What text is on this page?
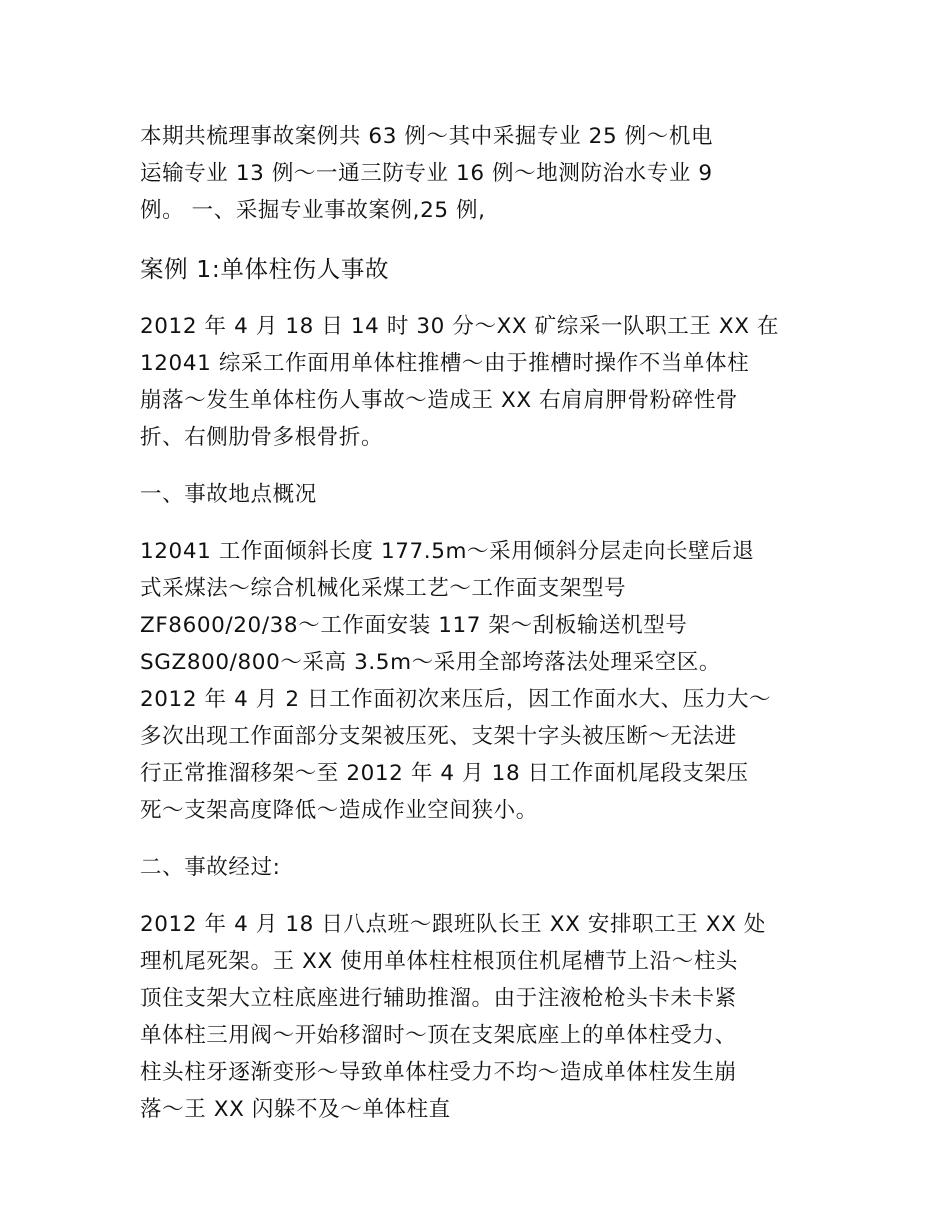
本期共梳理事故案例共 63 例～其中采掘专业 25 例～机电
运输专业 13 例～一通三防专业 16 例～地测防治水专业 9
例。 一、采掘专业事故案例,25 例,
案例 1:单体柱伤人事故
2012 年 4 月 18 日 14 时 30 分～XX 矿综采一队职工王 XX 在
12041 综采工作面用单体柱推槽～由于推槽时操作不当单体柱
崩落～发生单体柱伤人事故～造成王 XX 右肩肩胛骨粉碎性骨
折、右侧肋骨多根骨折。
一、事故地点概况
12041 工作面倾斜长度 177.5m～采用倾斜分层走向长壁后退
式采煤法～综合机械化采煤工艺～工作面支架型号
ZF8600/20/38～工作面安装 117 架～刮板输送机型号
SGZ800/800～采高 3.5m～采用全部垮落法处理采空区。
2012 年 4 月 2 日工作面初次来压后，因工作面水大、压力大～
多次出现工作面部分支架被压死、支架十字头被压断～无法进
行正常推溜移架～至 2012 年 4 月 18 日工作面机尾段支架压
死～支架高度降低～造成作业空间狭小。
二、事故经过:
2012 年 4 月 18 日八点班～跟班队长王 XX 安排职工王 XX 处
理机尾死架。王 XX 使用单体柱柱根顶住机尾槽节上沿～柱头
顶住支架大立柱底座进行辅助推溜。由于注液枪枪头卡未卡紧
单体柱三用阀～开始移溜时～顶在支架底座上的单体柱受力、
柱头柱牙逐渐变形～导致单体柱受力不均～造成单体柱发生崩
落～王 XX 闪躲不及～单体柱直
